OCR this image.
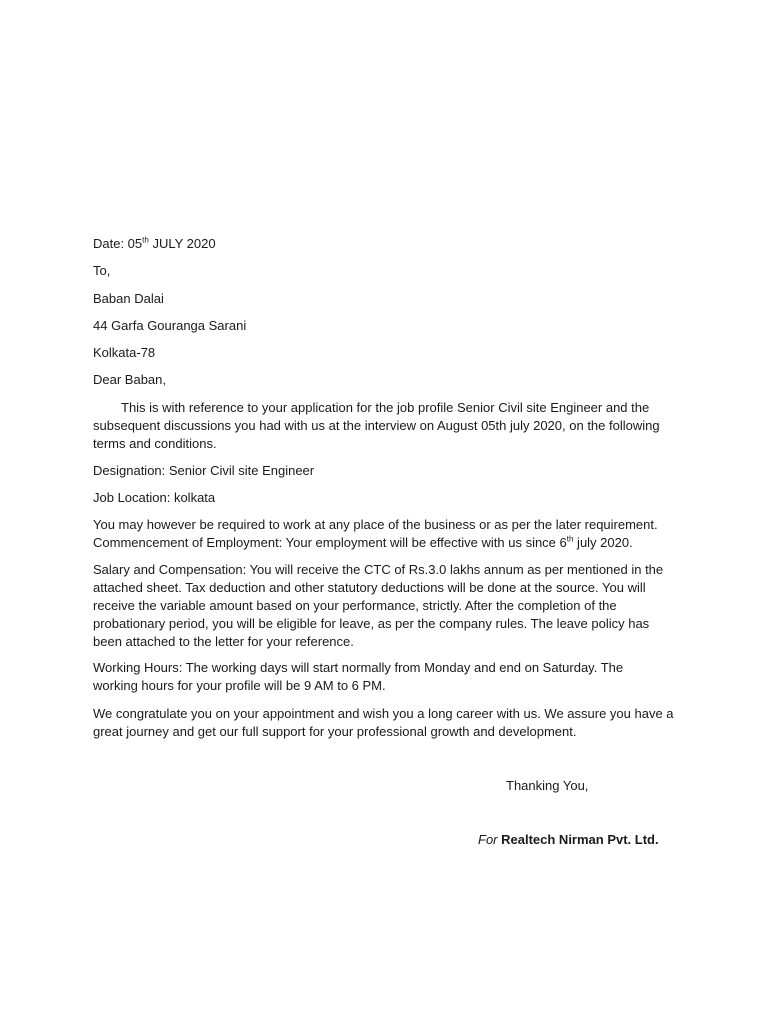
Date: 05th JULY 2020
To,
Baban Dalai
44 Garfa Gouranga Sarani
Kolkata-78
Dear Baban,
This is with reference to your application for the job profile Senior Civil site Engineer and the
subsequent discussions you had with us at the interview on August 05th july 2020, on the following
terms and conditions.
Designation: Senior Civil site Engineer
Job Location: kolkata
You may however be required to work at any place of the business or as per the later requirement.
Commencement of Employment: Your employment will be effective with us since 6th july 2020.
Salary and Compensation: You will receive the CTC of Rs.3.0 lakhs annum as per mentioned in the
attached sheet. Tax deduction and other statutory deductions will be done at the source. You will
receive the variable amount based on your performance, strictly. After the completion of the
probationary period, you will be eligible for leave, as per the company rules. The leave policy has
been attached to the letter for your reference.
Working Hours: The working days will start normally from Monday and end on Saturday. The
working hours for your profile will be 9 AM to 6 PM.
We congratulate you on your appointment and wish you a long career with us. We assure you have a
great journey and get our full support for your professional growth and development.
Thanking You,
For Realtech Nirman Pvt. Ltd.
